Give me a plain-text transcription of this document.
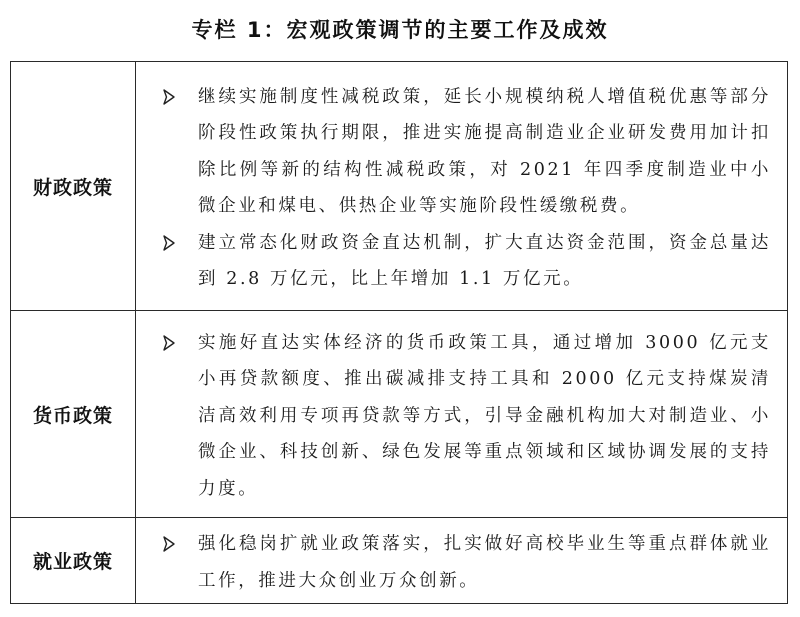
专栏 1：宏观政策调节的主要工作及成效
财政政策	继续实施制度性减税政策，延长小规模纳税人增值税优惠等部分阶段性政策执行期限，推进实施提高制造业企业研发费用加计扣除比例等新的结构性减税政策，对 2021 年四季度制造业中小微企业和煤电、供热企业等实施阶段性缓缴税费。
建立常态化财政资金直达机制，扩大直达资金范围，资金总量达到 2.8 万亿元，比上年增加 1.1 万亿元。

货币政策	实施好直达实体经济的货币政策工具，通过增加 3000 亿元支小再贷款额度、推出碳减排支持工具和 2000 亿元支持煤炭清洁高效利用专项再贷款等方式，引导金融机构加大对制造业、小微企业、科技创新、绿色发展等重点领域和区域协调发展的支持力度。

就业政策	强化稳岗扩就业政策落实，扎实做好高校毕业生等重点群体就业工作，推进大众创业万众创新。
